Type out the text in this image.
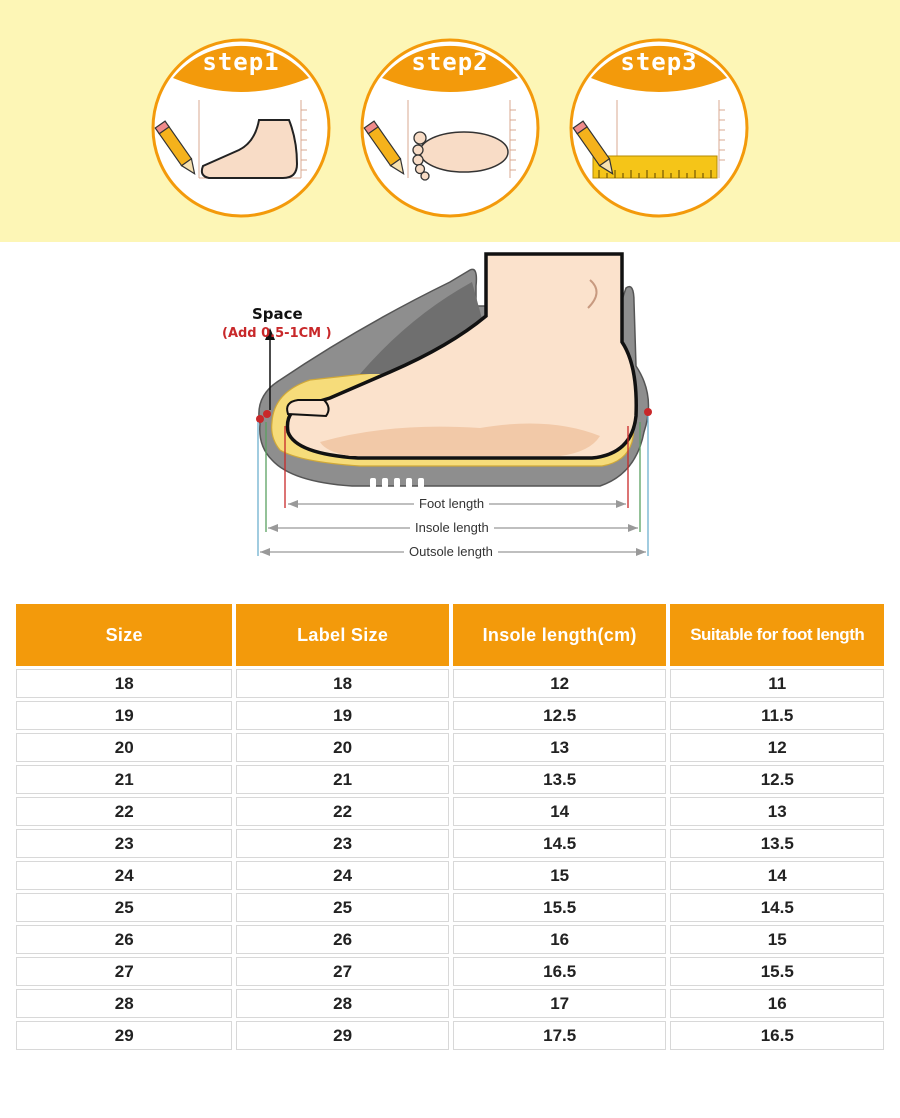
step1	step2	step3
Space
(Add 0.5-1CM )
Foot length
Insole length
Outsole length
Size	Label Size	Insole length(cm)	Suitable for foot length
18	18	12	11
19	19	12.5	11.5
20	20	13	12
21	21	13.5	12.5
22	22	14	13
23	23	14.5	13.5
24	24	15	14
25	25	15.5	14.5
26	26	16	15
27	27	16.5	15.5
28	28	17	16
29	29	17.5	16.5
